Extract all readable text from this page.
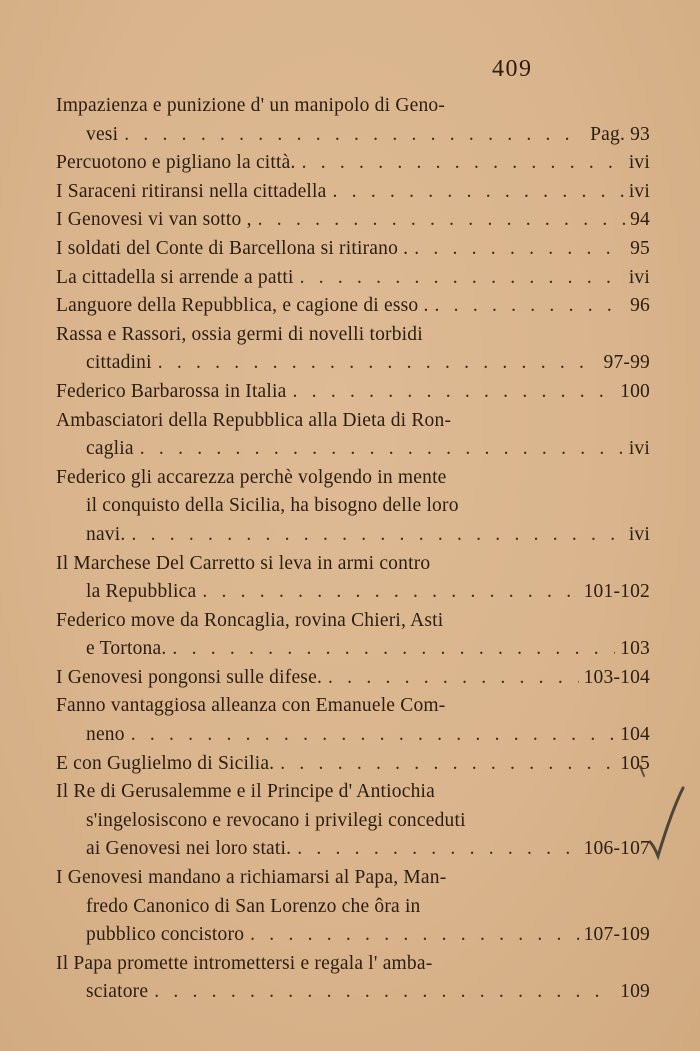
409
Impazienza e punizione d' un manipolo di Geno-
vesi . . .	Pag. 93
Percuotono e pigliano la città. . . .	ivi
I Saraceni ritiransi nella cittadella . . .	ivi
I Genovesi vi van sotto , . . .	94
I soldati del Conte di Barcellona si ritirano . . . .	95
La cittadella si arrende a patti . . .	ivi
Languore della Repubblica, e cagione di esso . . . .	96
Rassa e Rassori, ossia germi di novelli torbidi
cittadini . . .	97-99
Federico Barbarossa in Italia . . .	100
Ambasciatori della Repubblica alla Dieta di Ron-
caglia . . .	ivi
Federico gli accarezza perchè volgendo in mente
il conquisto della Sicilia, ha bisogno delle loro
navi. . . .	ivi
Il Marchese Del Carretto si leva in armi contro
la Repubblica . . .	101-102
Federico move da Roncaglia, rovina Chieri, Asti
e Tortona. . . .	103
I Genovesi pongonsi sulle difese. . . .	103-104
Fanno vantaggiosa alleanza con Emanuele Com-
neno . . .	104
E con Guglielmo di Sicilia. . . .	105
Il Re di Gerusalemme e il Principe d' Antiochia
s'ingelosiscono e revocano i privilegi conceduti
ai Genovesi nei loro stati. . . .	106-107
I Genovesi mandano a richiamarsi al Papa, Man-
fredo Canonico di San Lorenzo che ôra in
pubblico concistoro . . .	107-109
Il Papa promette intromettersi e regala l' amba-
sciatore . . .	109
